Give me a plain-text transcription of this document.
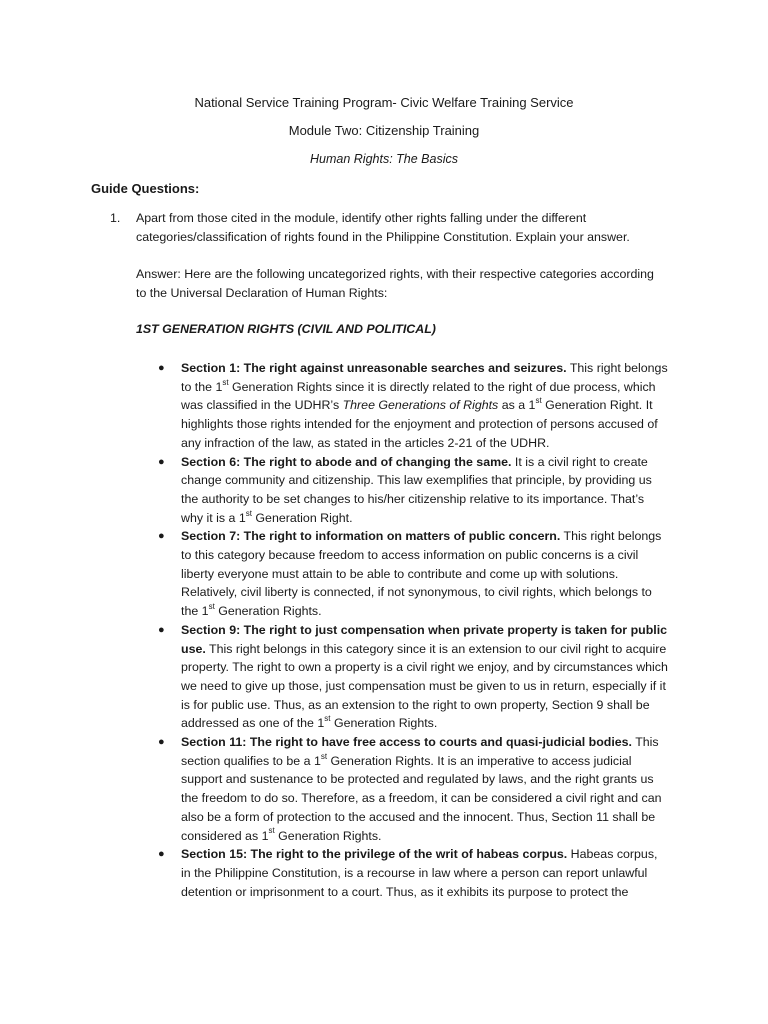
National Service Training Program- Civic Welfare Training Service
Module Two: Citizenship Training
Human Rights: The Basics
Guide Questions:
1. Apart from those cited in the module, identify other rights falling under the different categories/classification of rights found in the Philippine Constitution. Explain your answer.
Answer: Here are the following uncategorized rights, with their respective categories according to the Universal Declaration of Human Rights:
1ST GENERATION RIGHTS (CIVIL AND POLITICAL)
● Section 1: The right against unreasonable searches and seizures. This right belongs to the 1st Generation Rights since it is directly related to the right of due process, which was classified in the UDHR’s Three Generations of Rights as a 1st Generation Right. It highlights those rights intended for the enjoyment and protection of persons accused of any infraction of the law, as stated in the articles 2-21 of the UDHR.
● Section 6: The right to abode and of changing the same. It is a civil right to create change community and citizenship. This law exemplifies that principle, by providing us the authority to be set changes to his/her citizenship relative to its importance. That’s why it is a 1st Generation Right.
● Section 7: The right to information on matters of public concern. This right belongs to this category because freedom to access information on public concerns is a civil liberty everyone must attain to be able to contribute and come up with solutions. Relatively, civil liberty is connected, if not synonymous, to civil rights, which belongs to the 1st Generation Rights.
● Section 9: The right to just compensation when private property is taken for public use. This right belongs in this category since it is an extension to our civil right to acquire property. The right to own a property is a civil right we enjoy, and by circumstances which we need to give up those, just compensation must be given to us in return, especially if it is for public use. Thus, as an extension to the right to own property, Section 9 shall be addressed as one of the 1st Generation Rights.
● Section 11: The right to have free access to courts and quasi-judicial bodies. This section qualifies to be a 1st Generation Rights. It is an imperative to access judicial support and sustenance to be protected and regulated by laws, and the right grants us the freedom to do so. Therefore, as a freedom, it can be considered a civil right and can also be a form of protection to the accused and the innocent. Thus, Section 11 shall be considered as 1st Generation Rights.
● Section 15: The right to the privilege of the writ of habeas corpus. Habeas corpus, in the Philippine Constitution, is a recourse in law where a person can report unlawful detention or imprisonment to a court. Thus, as it exhibits its purpose to protect the
